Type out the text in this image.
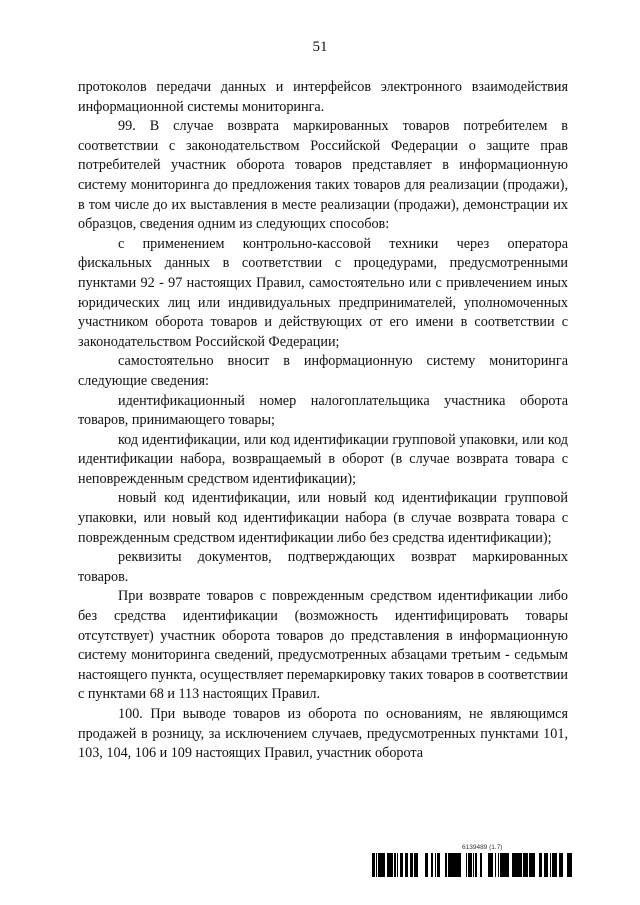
51

протоколов передачи данных и интерфейсов электронного взаимодействия информационной системы мониторинга.

99. В случае возврата маркированных товаров потребителем в соответствии с законодательством Российской Федерации о защите прав потребителей участник оборота товаров представляет в информационную систему мониторинга до предложения таких товаров для реализации (продажи), в том числе до их выставления в месте реализации (продажи), демонстрации их образцов, сведения одним из следующих способов:

с применением контрольно-кассовой техники через оператора фискальных данных в соответствии с процедурами, предусмотренными пунктами 92 - 97 настоящих Правил, самостоятельно или с привлечением иных юридических лиц или индивидуальных предпринимателей, уполномоченных участником оборота товаров и действующих от его имени в соответствии с законодательством Российской Федерации;

самостоятельно вносит в информационную систему мониторинга следующие сведения:

идентификационный номер налогоплательщика участника оборота товаров, принимающего товары;

код идентификации, или код идентификации групповой упаковки, или код идентификации набора, возвращаемый в оборот (в случае возврата товара с неповрежденным средством идентификации);

новый код идентификации, или новый код идентификации групповой упаковки, или новый код идентификации набора (в случае возврата товара с поврежденным средством идентификации либо без средства идентификации);

реквизиты документов, подтверждающих возврат маркированных товаров.

При возврате товаров с поврежденным средством идентификации либо без средства идентификации (возможность идентифицировать товары отсутствует) участник оборота товаров до представления в информационную систему мониторинга сведений, предусмотренных абзацами третьим - седьмым настоящего пункта, осуществляет перемаркировку таких товаров в соответствии с пунктами 68 и 113 настоящих Правил.

100. При выводе товаров из оборота по основаниям, не являющимся продажей в розницу, за исключением случаев, предусмотренных пунктами 101, 103, 104, 106 и 109 настоящих Правил, участник оборота

6139489 (1.7)
